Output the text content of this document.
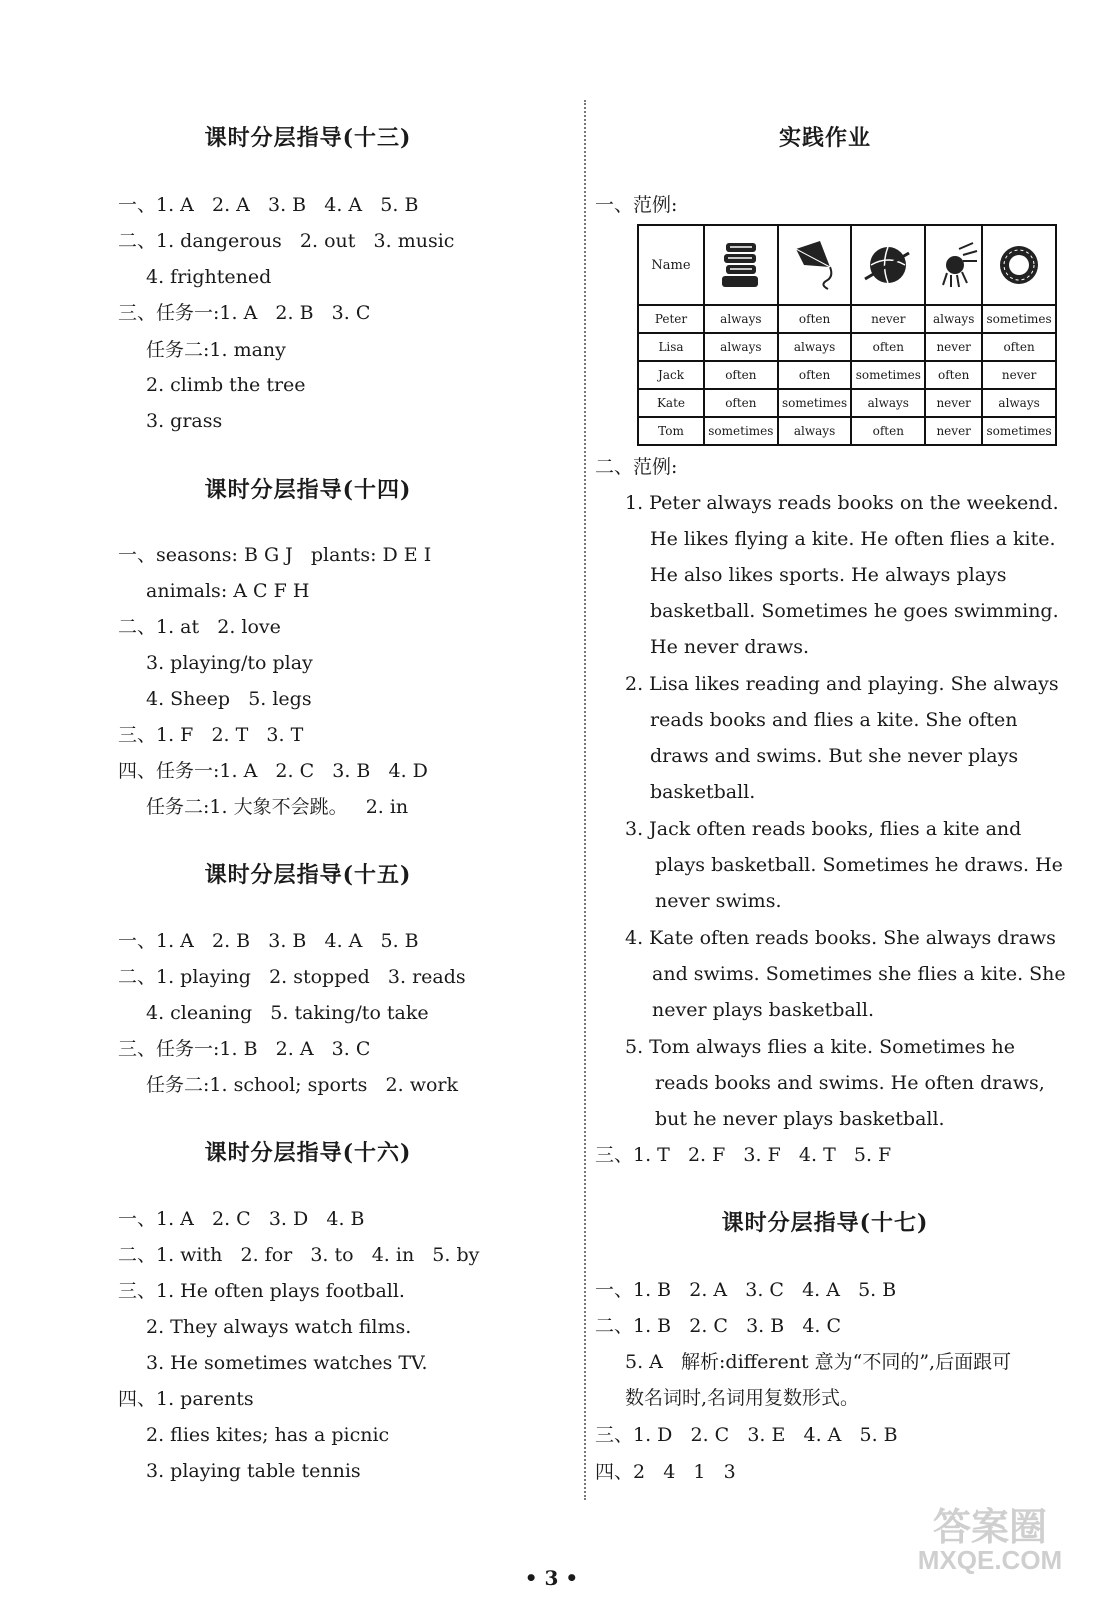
课时分层指导(十三)
一、1. A   2. A   3. B   4. A   5. B
二、1. dangerous   2. out   3. music
4. frightened
三、任务一:1. A   2. B   3. C
任务二:1. many
2. climb the tree
3. grass
课时分层指导(十四)
一、seasons: B G J   plants: D E I
animals: A C F H
二、1. at   2. love
3. playing/to play
4. Sheep   5. legs
三、1. F   2. T   3. T
四、任务一:1. A   2. C   3. B   4. D
任务二:1. 大象不会跳。   2. in
课时分层指导(十五)
一、1. A   2. B   3. B   4. A   5. B
二、1. playing   2. stopped   3. reads
4. cleaning   5. taking/to take
三、任务一:1. B   2. A   3. C
任务二:1. school; sports   2. work
课时分层指导(十六)
一、1. A   2. C   3. D   4. B
二、1. with   2. for   3. to   4. in   5. by
三、1. He often plays football.
2. They always watch films.
3. He sometimes watches TV.
四、1. parents
2. flies kites; has a picnic
3. playing table tennis
实践作业
一、范例:
Name					
Peter	always	often	never	always	sometimes
Lisa	always	always	often	never	often
Jack	often	often	sometimes	often	never
Kate	often	sometimes	always	never	always
Tom	sometimes	always	often	never	sometimes
二、范例:
1. Peter always reads books on the weekend.
He likes flying a kite. He often flies a kite.
He also likes sports. He always plays
basketball. Sometimes he goes swimming.
He never draws.
2. Lisa likes reading and playing. She always
reads books and flies a kite. She often
draws and swims. But she never plays
basketball.
3. Jack often reads books, flies a kite and
plays basketball. Sometimes he draws. He
never swims.
4. Kate often reads books. She always draws
and swims. Sometimes she flies a kite. She
never plays basketball.
5. Tom always flies a kite. Sometimes he
reads books and swims. He often draws,
but he never plays basketball.
三、1. T   2. F   3. F   4. T   5. F
课时分层指导(十七)
一、1. B   2. A   3. C   4. A   5. B
二、1. B   2. C   3. B   4. C
5. A   解析:different 意为“不同的”,后面跟可
数名词时,名词用复数形式。
三、1. D   2. C   3. E   4. A   5. B
四、2   4   1   3
• 3 •
答案圈
MXQE.COM
